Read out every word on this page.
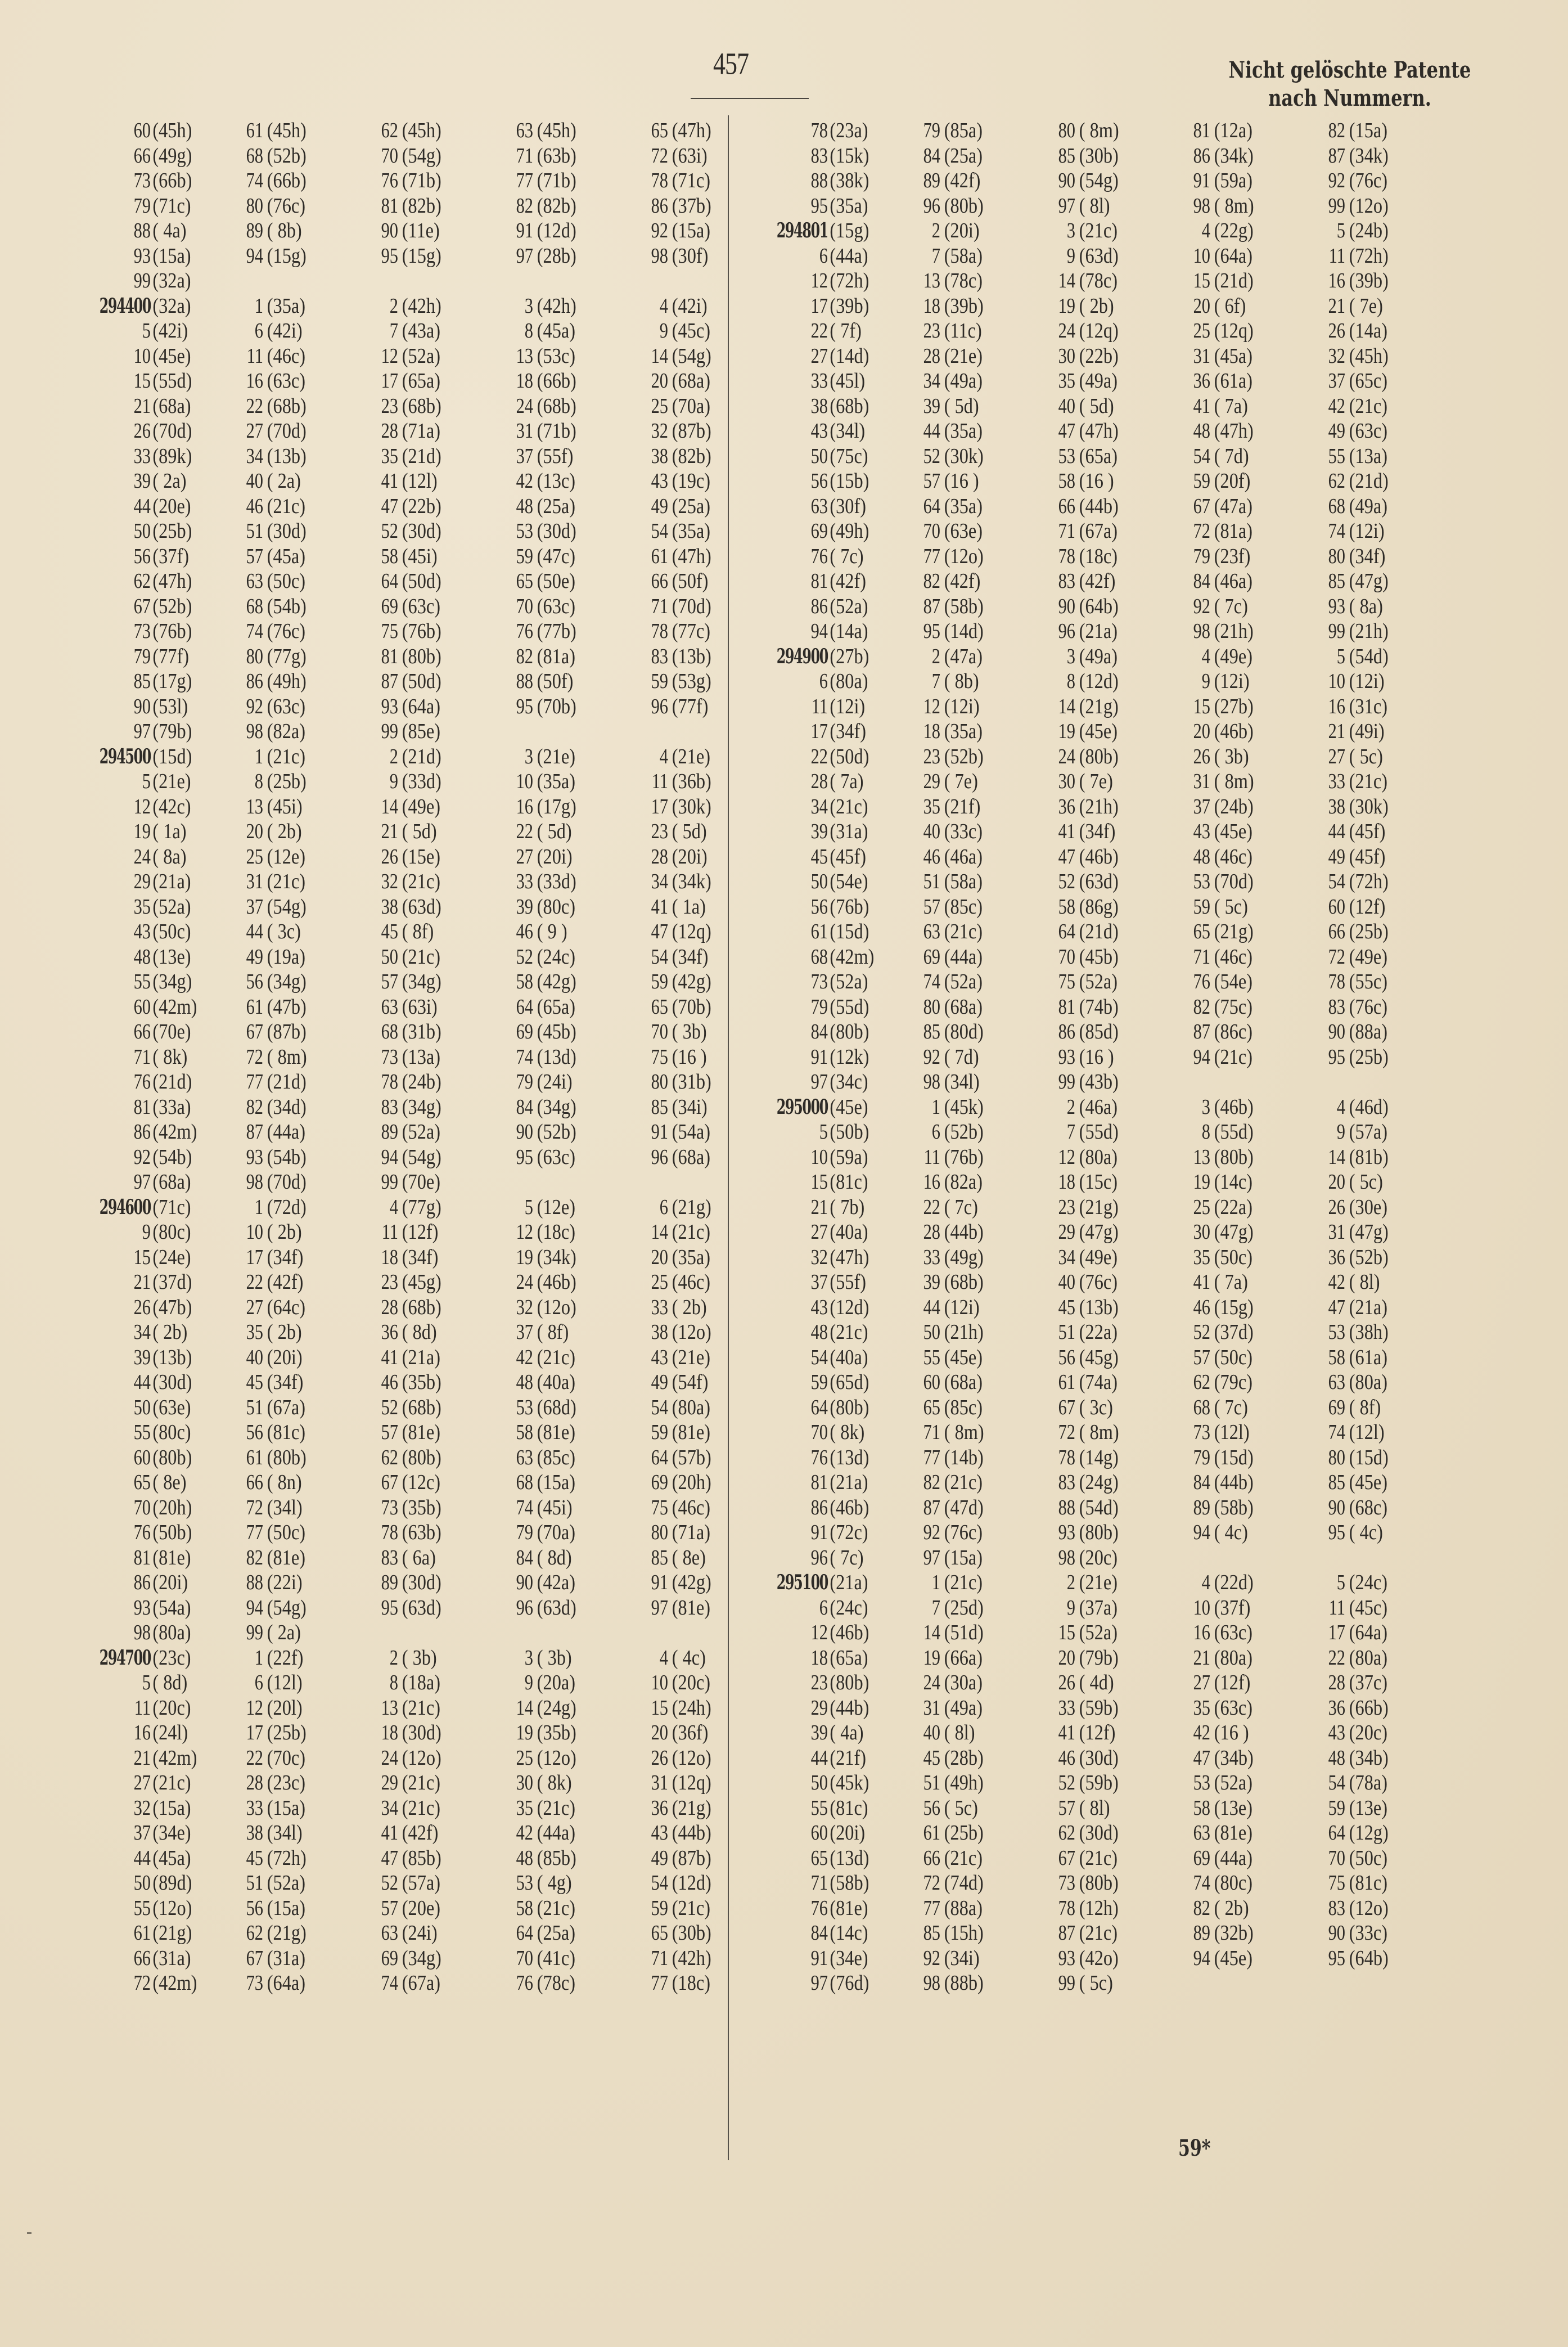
457	Nicht gelöschte Patente
nach Nummern.
60 (45h)	61 (45h)	62 (45h)	63 (45h)	65 (47h)
66 (49g)	68 (52b)	70 (54g)	71 (63b)	72 (63i)
73 (66b)	74 (66b)	76 (71b)	77 (71b)	78 (71c)
79 (71c)	80 (76c)	81 (82b)	82 (82b)	86 (37b)
88 ( 4a)	89 ( 8b)	90 (11e)	91 (12d)	92 (15a)
93 (15a)	94 (15g)	95 (15g)	97 (28b)	98 (30f)
99 (32a)
294400 (32a)	1 (35a)	2 (42h)	3 (42h)	4 (42i)
5 (42i)	6 (42i)	7 (43a)	8 (45a)	9 (45c)
10 (45e)	11 (46c)	12 (52a)	13 (53c)	14 (54g)
15 (55d)	16 (63c)	17 (65a)	18 (66b)	20 (68a)
21 (68a)	22 (68b)	23 (68b)	24 (68b)	25 (70a)
26 (70d)	27 (70d)	28 (71a)	31 (71b)	32 (87b)
33 (89k)	34 (13b)	35 (21d)	37 (55f)	38 (82b)
39 ( 2a)	40 ( 2a)	41 (12l)	42 (13c)	43 (19c)
44 (20e)	46 (21c)	47 (22b)	48 (25a)	49 (25a)
50 (25b)	51 (30d)	52 (30d)	53 (30d)	54 (35a)
56 (37f)	57 (45a)	58 (45i)	59 (47c)	61 (47h)
62 (47h)	63 (50c)	64 (50d)	65 (50e)	66 (50f)
67 (52b)	68 (54b)	69 (63c)	70 (63c)	71 (70d)
73 (76b)	74 (76c)	75 (76b)	76 (77b)	78 (77c)
79 (77f)	80 (77g)	81 (80b)	82 (81a)	83 (13b)
85 (17g)	86 (49h)	87 (50d)	88 (50f)	59 (53g)
90 (53l)	92 (63c)	93 (64a)	95 (70b)	96 (77f)
97 (79b)	98 (82a)	99 (85e)
294500 (15d)	1 (21c)	2 (21d)	3 (21e)	4 (21e)
5 (21e)	8 (25b)	9 (33d)	10 (35a)	11 (36b)
12 (42c)	13 (45i)	14 (49e)	16 (17g)	17 (30k)
19 ( 1a)	20 ( 2b)	21 ( 5d)	22 ( 5d)	23 ( 5d)
24 ( 8a)	25 (12e)	26 (15e)	27 (20i)	28 (20i)
29 (21a)	31 (21c)	32 (21c)	33 (33d)	34 (34k)
35 (52a)	37 (54g)	38 (63d)	39 (80c)	41 ( 1a)
43 (50c)	44 ( 3c)	45 ( 8f)	46 ( 9 )	47 (12q)
48 (13e)	49 (19a)	50 (21c)	52 (24c)	54 (34f)
55 (34g)	56 (34g)	57 (34g)	58 (42g)	59 (42g)
60 (42m)	61 (47b)	63 (63i)	64 (65a)	65 (70b)
66 (70e)	67 (87b)	68 (31b)	69 (45b)	70 ( 3b)
71 ( 8k)	72 ( 8m)	73 (13a)	74 (13d)	75 (16 )
76 (21d)	77 (21d)	78 (24b)	79 (24i)	80 (31b)
81 (33a)	82 (34d)	83 (34g)	84 (34g)	85 (34i)
86 (42m)	87 (44a)	89 (52a)	90 (52b)	91 (54a)
92 (54b)	93 (54b)	94 (54g)	95 (63c)	96 (68a)
97 (68a)	98 (70d)	99 (70e)
294600 (71c)	1 (72d)	4 (77g)	5 (12e)	6 (21g)
9 (80c)	10 ( 2b)	11 (12f)	12 (18c)	14 (21c)
15 (24e)	17 (34f)	18 (34f)	19 (34k)	20 (35a)
21 (37d)	22 (42f)	23 (45g)	24 (46b)	25 (46c)
26 (47b)	27 (64c)	28 (68b)	32 (12o)	33 ( 2b)
34 ( 2b)	35 ( 2b)	36 ( 8d)	37 ( 8f)	38 (12o)
39 (13b)	40 (20i)	41 (21a)	42 (21c)	43 (21e)
44 (30d)	45 (34f)	46 (35b)	48 (40a)	49 (54f)
50 (63e)	51 (67a)	52 (68b)	53 (68d)	54 (80a)
55 (80c)	56 (81c)	57 (81e)	58 (81e)	59 (81e)
60 (80b)	61 (80b)	62 (80b)	63 (85c)	64 (57b)
65 ( 8e)	66 ( 8n)	67 (12c)	68 (15a)	69 (20h)
70 (20h)	72 (34l)	73 (35b)	74 (45i)	75 (46c)
76 (50b)	77 (50c)	78 (63b)	79 (70a)	80 (71a)
81 (81e)	82 (81e)	83 ( 6a)	84 ( 8d)	85 ( 8e)
86 (20i)	88 (22i)	89 (30d)	90 (42a)	91 (42g)
93 (54a)	94 (54g)	95 (63d)	96 (63d)	97 (81e)
98 (80a)	99 ( 2a)
294700 (23c)	1 (22f)	2 ( 3b)	3 ( 3b)	4 ( 4c)
5 ( 8d)	6 (12l)	8 (18a)	9 (20a)	10 (20c)
11 (20c)	12 (20l)	13 (21c)	14 (24g)	15 (24h)
16 (24l)	17 (25b)	18 (30d)	19 (35b)	20 (36f)
21 (42m)	22 (70c)	24 (12o)	25 (12o)	26 (12o)
27 (21c)	28 (23c)	29 (21c)	30 ( 8k)	31 (12q)
32 (15a)	33 (15a)	34 (21c)	35 (21c)	36 (21g)
37 (34e)	38 (34l)	41 (42f)	42 (44a)	43 (44b)
44 (45a)	45 (72h)	47 (85b)	48 (85b)	49 (87b)
50 (89d)	51 (52a)	52 (57a)	53 ( 4g)	54 (12d)
55 (12o)	56 (15a)	57 (20e)	58 (21c)	59 (21c)
61 (21g)	62 (21g)	63 (24i)	64 (25a)	65 (30b)
66 (31a)	67 (31a)	69 (34g)	70 (41c)	71 (42h)
72 (42m)	73 (64a)	74 (67a)	76 (78c)	77 (18c)
78 (23a)	79 (85a)	80 ( 8m)	81 (12a)	82 (15a)
83 (15k)	84 (25a)	85 (30b)	86 (34k)	87 (34k)
88 (38k)	89 (42f)	90 (54g)	91 (59a)	92 (76c)
95 (35a)	96 (80b)	97 ( 8l)	98 ( 8m)	99 (12o)
294801 (15g)	2 (20i)	3 (21c)	4 (22g)	5 (24b)
6 (44a)	7 (58a)	9 (63d)	10 (64a)	11 (72h)
12 (72h)	13 (78c)	14 (78c)	15 (21d)	16 (39b)
17 (39b)	18 (39b)	19 ( 2b)	20 ( 6f)	21 ( 7e)
22 ( 7f)	23 (11c)	24 (12q)	25 (12q)	26 (14a)
27 (14d)	28 (21e)	30 (22b)	31 (45a)	32 (45h)
33 (45l)	34 (49a)	35 (49a)	36 (61a)	37 (65c)
38 (68b)	39 ( 5d)	40 ( 5d)	41 ( 7a)	42 (21c)
43 (34l)	44 (35a)	47 (47h)	48 (47h)	49 (63c)
50 (75c)	52 (30k)	53 (65a)	54 ( 7d)	55 (13a)
56 (15b)	57 (16 )	58 (16 )	59 (20f)	62 (21d)
63 (30f)	64 (35a)	66 (44b)	67 (47a)	68 (49a)
69 (49h)	70 (63e)	71 (67a)	72 (81a)	74 (12i)
76 ( 7c)	77 (12o)	78 (18c)	79 (23f)	80 (34f)
81 (42f)	82 (42f)	83 (42f)	84 (46a)	85 (47g)
86 (52a)	87 (58b)	90 (64b)	92 ( 7c)	93 ( 8a)
94 (14a)	95 (14d)	96 (21a)	98 (21h)	99 (21h)
294900 (27b)	2 (47a)	3 (49a)	4 (49e)	5 (54d)
6 (80a)	7 ( 8b)	8 (12d)	9 (12i)	10 (12i)
11 (12i)	12 (12i)	14 (21g)	15 (27b)	16 (31c)
17 (34f)	18 (35a)	19 (45e)	20 (46b)	21 (49i)
22 (50d)	23 (52b)	24 (80b)	26 ( 3b)	27 ( 5c)
28 ( 7a)	29 ( 7e)	30 ( 7e)	31 ( 8m)	33 (21c)
34 (21c)	35 (21f)	36 (21h)	37 (24b)	38 (30k)
39 (31a)	40 (33c)	41 (34f)	43 (45e)	44 (45f)
45 (45f)	46 (46a)	47 (46b)	48 (46c)	49 (45f)
50 (54e)	51 (58a)	52 (63d)	53 (70d)	54 (72h)
56 (76b)	57 (85c)	58 (86g)	59 ( 5c)	60 (12f)
61 (15d)	63 (21c)	64 (21d)	65 (21g)	66 (25b)
68 (42m)	69 (44a)	70 (45b)	71 (46c)	72 (49e)
73 (52a)	74 (52a)	75 (52a)	76 (54e)	78 (55c)
79 (55d)	80 (68a)	81 (74b)	82 (75c)	83 (76c)
84 (80b)	85 (80d)	86 (85d)	87 (86c)	90 (88a)
91 (12k)	92 ( 7d)	93 (16 )	94 (21c)	95 (25b)
97 (34c)	98 (34l)	99 (43b)
295000 (45e)	1 (45k)	2 (46a)	3 (46b)	4 (46d)
5 (50b)	6 (52b)	7 (55d)	8 (55d)	9 (57a)
10 (59a)	11 (76b)	12 (80a)	13 (80b)	14 (81b)
15 (81c)	16 (82a)	18 (15c)	19 (14c)	20 ( 5c)
21 ( 7b)	22 ( 7c)	23 (21g)	25 (22a)	26 (30e)
27 (40a)	28 (44b)	29 (47g)	30 (47g)	31 (47g)
32 (47h)	33 (49g)	34 (49e)	35 (50c)	36 (52b)
37 (55f)	39 (68b)	40 (76c)	41 ( 7a)	42 ( 8l)
43 (12d)	44 (12i)	45 (13b)	46 (15g)	47 (21a)
48 (21c)	50 (21h)	51 (22a)	52 (37d)	53 (38h)
54 (40a)	55 (45e)	56 (45g)	57 (50c)	58 (61a)
59 (65d)	60 (68a)	61 (74a)	62 (79c)	63 (80a)
64 (80b)	65 (85c)	67 ( 3c)	68 ( 7c)	69 ( 8f)
70 ( 8k)	71 ( 8m)	72 ( 8m)	73 (12l)	74 (12l)
76 (13d)	77 (14b)	78 (14g)	79 (15d)	80 (15d)
81 (21a)	82 (21c)	83 (24g)	84 (44b)	85 (45e)
86 (46b)	87 (47d)	88 (54d)	89 (58b)	90 (68c)
91 (72c)	92 (76c)	93 (80b)	94 ( 4c)	95 ( 4c)
96 ( 7c)	97 (15a)	98 (20c)
295100 (21a)	1 (21c)	2 (21e)	4 (22d)	5 (24c)
6 (24c)	7 (25d)	9 (37a)	10 (37f)	11 (45c)
12 (46b)	14 (51d)	15 (52a)	16 (63c)	17 (64a)
18 (65a)	19 (66a)	20 (79b)	21 (80a)	22 (80a)
23 (80b)	24 (30a)	26 ( 4d)	27 (12f)	28 (37c)
29 (44b)	31 (49a)	33 (59b)	35 (63c)	36 (66b)
39 ( 4a)	40 ( 8l)	41 (12f)	42 (16 )	43 (20c)
44 (21f)	45 (28b)	46 (30d)	47 (34b)	48 (34b)
50 (45k)	51 (49h)	52 (59b)	53 (52a)	54 (78a)
55 (81c)	56 ( 5c)	57 ( 8l)	58 (13e)	59 (13e)
60 (20i)	61 (25b)	62 (30d)	63 (81e)	64 (12g)
65 (13d)	66 (21c)	67 (21c)	69 (44a)	70 (50c)
71 (58b)	72 (74d)	73 (80b)	74 (80c)	75 (81c)
76 (81e)	77 (88a)	78 (12h)	82 ( 2b)	83 (12o)
84 (14c)	85 (15h)	87 (21c)	89 (32b)	90 (33c)
91 (34e)	92 (34i)	93 (42o)	94 (45e)	95 (64b)
97 (76d)	98 (88b)	99 ( 5c)
59*
